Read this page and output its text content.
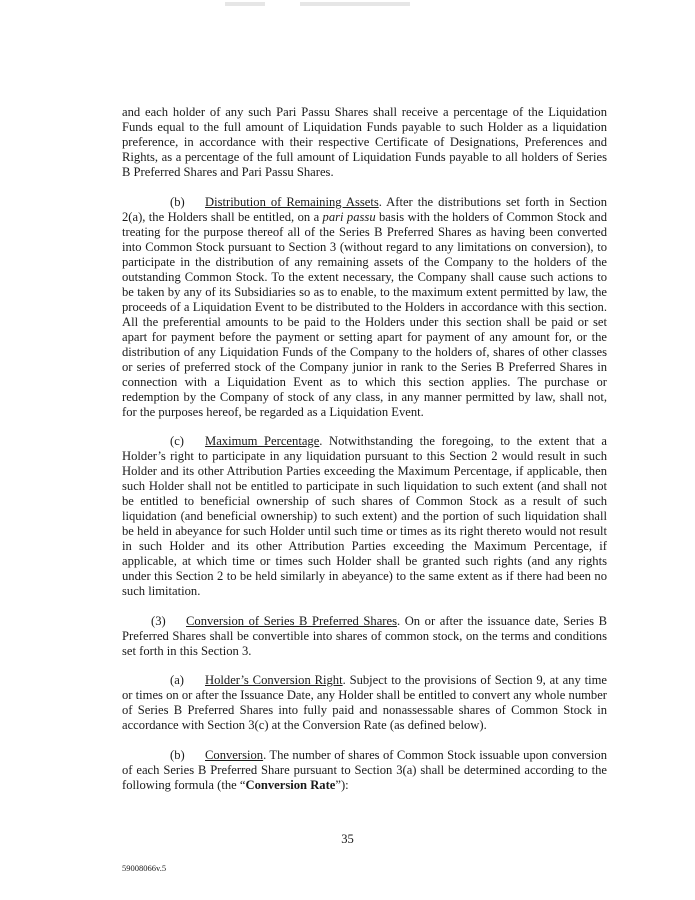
and each holder of any such Pari Passu Shares shall receive a percentage of the Liquidation Funds equal to the full amount of Liquidation Funds payable to such Holder as a liquidation preference, in accordance with their respective Certificate of Designations, Preferences and Rights, as a percentage of the full amount of Liquidation Funds payable to all holders of Series B Preferred Shares and Pari Passu Shares.

(b) Distribution of Remaining Assets. After the distributions set forth in Section 2(a), the Holders shall be entitled, on a pari passu basis with the holders of Common Stock and treating for the purpose thereof all of the Series B Preferred Shares as having been converted into Common Stock pursuant to Section 3 (without regard to any limitations on conversion), to participate in the distribution of any remaining assets of the Company to the holders of the outstanding Common Stock. To the extent necessary, the Company shall cause such actions to be taken by any of its Subsidiaries so as to enable, to the maximum extent permitted by law, the proceeds of a Liquidation Event to be distributed to the Holders in accordance with this section. All the preferential amounts to be paid to the Holders under this section shall be paid or set apart for payment before the payment or setting apart for payment of any amount for, or the distribution of any Liquidation Funds of the Company to the holders of, shares of other classes or series of preferred stock of the Company junior in rank to the Series B Preferred Shares in connection with a Liquidation Event as to which this section applies. The purchase or redemption by the Company of stock of any class, in any manner permitted by law, shall not, for the purposes hereof, be regarded as a Liquidation Event.

(c) Maximum Percentage. Notwithstanding the foregoing, to the extent that a Holder’s right to participate in any liquidation pursuant to this Section 2 would result in such Holder and its other Attribution Parties exceeding the Maximum Percentage, if applicable, then such Holder shall not be entitled to participate in such liquidation to such extent (and shall not be entitled to beneficial ownership of such shares of Common Stock as a result of such liquidation (and beneficial ownership) to such extent) and the portion of such liquidation shall be held in abeyance for such Holder until such time or times as its right thereto would not result in such Holder and its other Attribution Parties exceeding the Maximum Percentage, if applicable, at which time or times such Holder shall be granted such rights (and any rights under this Section 2 to be held similarly in abeyance) to the same extent as if there had been no such limitation.

(3) Conversion of Series B Preferred Shares. On or after the issuance date, Series B Preferred Shares shall be convertible into shares of common stock, on the terms and conditions set forth in this Section 3.

(a) Holder’s Conversion Right. Subject to the provisions of Section 9, at any time or times on or after the Issuance Date, any Holder shall be entitled to convert any whole number of Series B Preferred Shares into fully paid and nonassessable shares of Common Stock in accordance with Section 3(c) at the Conversion Rate (as defined below).

(b) Conversion. The number of shares of Common Stock issuable upon conversion of each Series B Preferred Share pursuant to Section 3(a) shall be determined according to the following formula (the “Conversion Rate”):

35
59008066v.5
